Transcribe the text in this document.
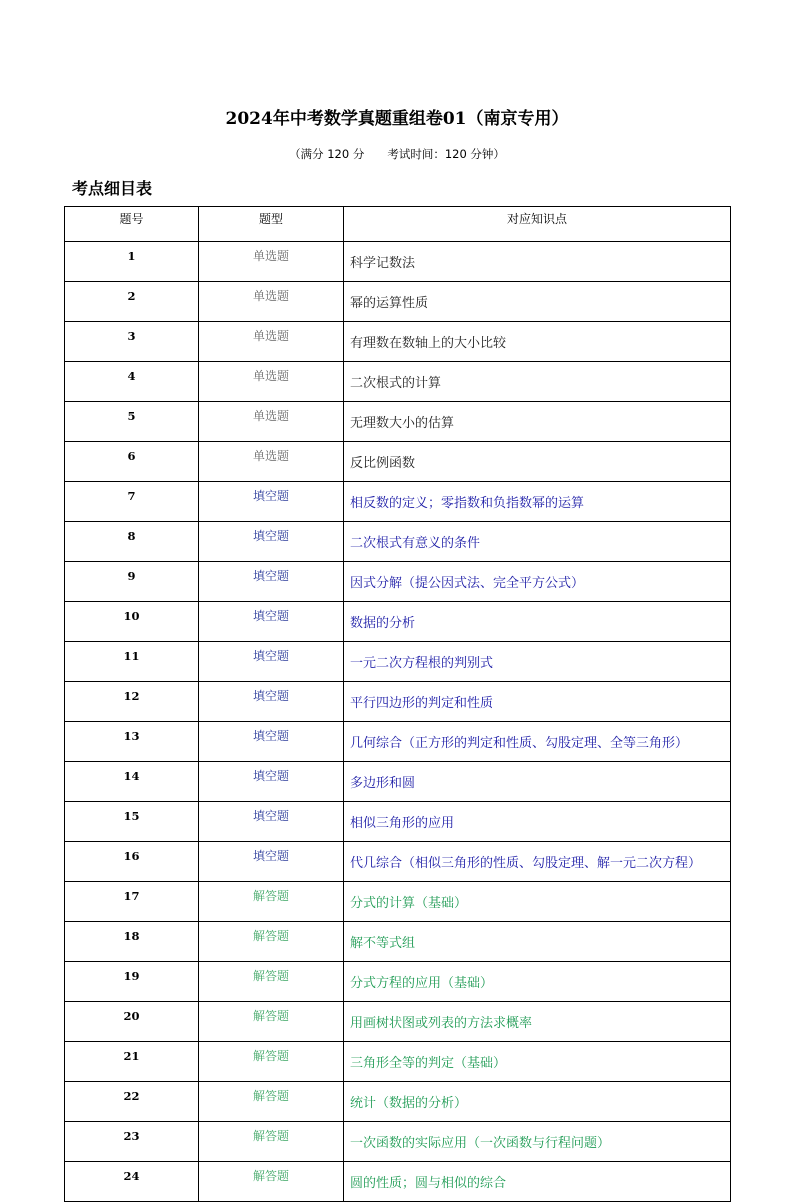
2024年中考数学真题重组卷01（南京专用）
（满分 120 分　　考试时间：120 分钟）
考点细目表
题号	题型	对应知识点
1	单选题	科学记数法
2	单选题	幂的运算性质
3	单选题	有理数在数轴上的大小比较
4	单选题	二次根式的计算
5	单选题	无理数大小的估算
6	单选题	反比例函数
7	填空题	相反数的定义；零指数和负指数幂的运算
8	填空题	二次根式有意义的条件
9	填空题	因式分解（提公因式法、完全平方公式）
10	填空题	数据的分析
11	填空题	一元二次方程根的判别式
12	填空题	平行四边形的判定和性质
13	填空题	几何综合（正方形的判定和性质、勾股定理、全等三角形）
14	填空题	多边形和圆
15	填空题	相似三角形的应用
16	填空题	代几综合（相似三角形的性质、勾股定理、解一元二次方程）
17	解答题	分式的计算（基础）
18	解答题	解不等式组
19	解答题	分式方程的应用（基础）
20	解答题	用画树状图或列表的方法求概率
21	解答题	三角形全等的判定（基础）
22	解答题	统计（数据的分析）
23	解答题	一次函数的实际应用（一次函数与行程问题）
24	解答题	圆的性质；圆与相似的综合
